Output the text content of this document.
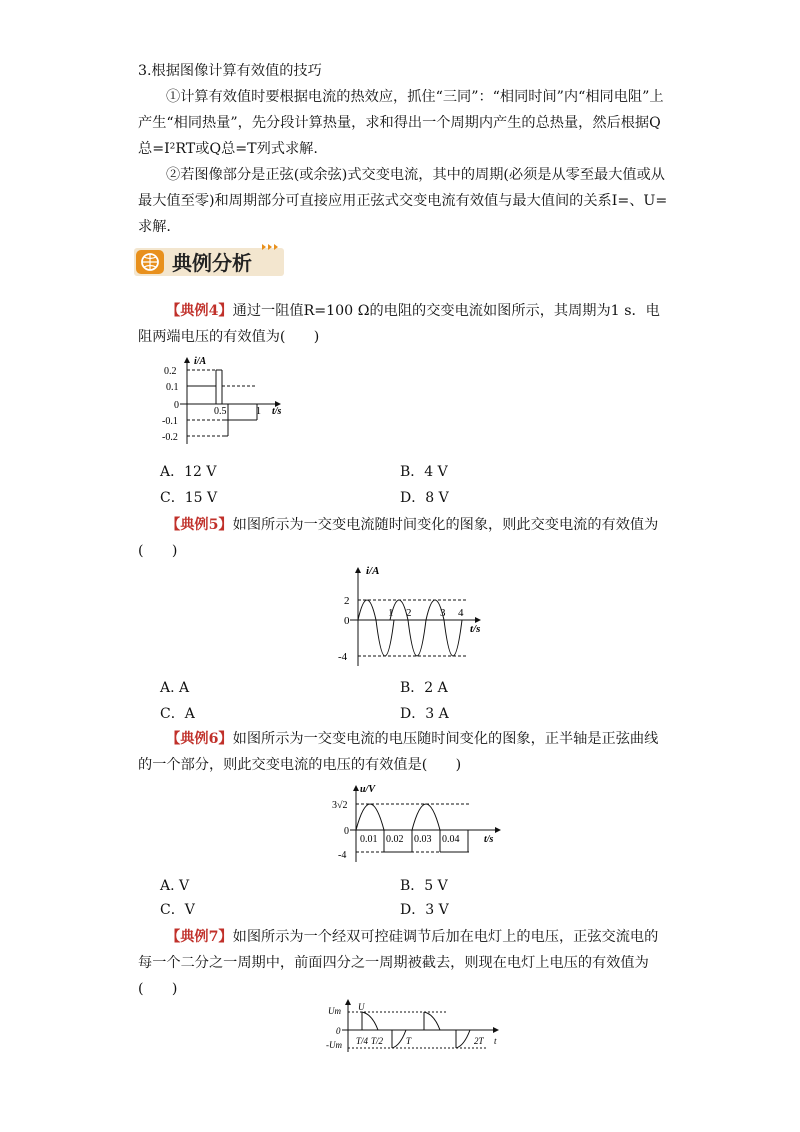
3.根据图像计算有效值的技巧

①计算有效值时要根据电流的热效应，抓住“三同”：“相同时间”内“相同电阻”上产生“相同热量”，先分段计算热量，求和得出一个周期内产生的总热量，然后根据Q总=I²RT或Q总=T列式求解.

②若图像部分是正弦(或余弦)式交变电流，其中的周期(必须是从零至最大值或从最大值至零)和周期部分可直接应用正弦式交变电流有效值与最大值间的关系I=、U=求解.

典例分析

【典例4】通过一阻值R=100 Ω的电阻的交变电流如图所示，其周期为1 s．电阻两端电压的有效值为(　　)

i/A
t/s
0.2
0.1
0
-0.1
-0.2
0.5	1
A．12 V	B．4 V
C．15 V	D．8 V

【典例5】如图所示为一交变电流随时间变化的图象，则此交变电流的有效值为(　　)

i/A
t/s
2
0
-4
1 2	3 4
A. A	B．2 A
C．A	D．3 A

【典例6】如图所示为一交变电流的电压随时间变化的图象，正半轴是正弦曲线的一个部分，则此交变电流的电压的有效值是(　　)

u/V
t/s
3√2
0
-4
0.01 0.02 0.03 0.04
A. V	B．5 V
C．V	D．3 V

【典例7】如图所示为一个经双可控硅调节后加在电灯上的电压，正弦交流电的每一个二分之一周期中，前面四分之一周期被截去，则现在电灯上电压的有效值为(　　)

Um
0
-Um
U
t
T/4 T/2	T	2T
